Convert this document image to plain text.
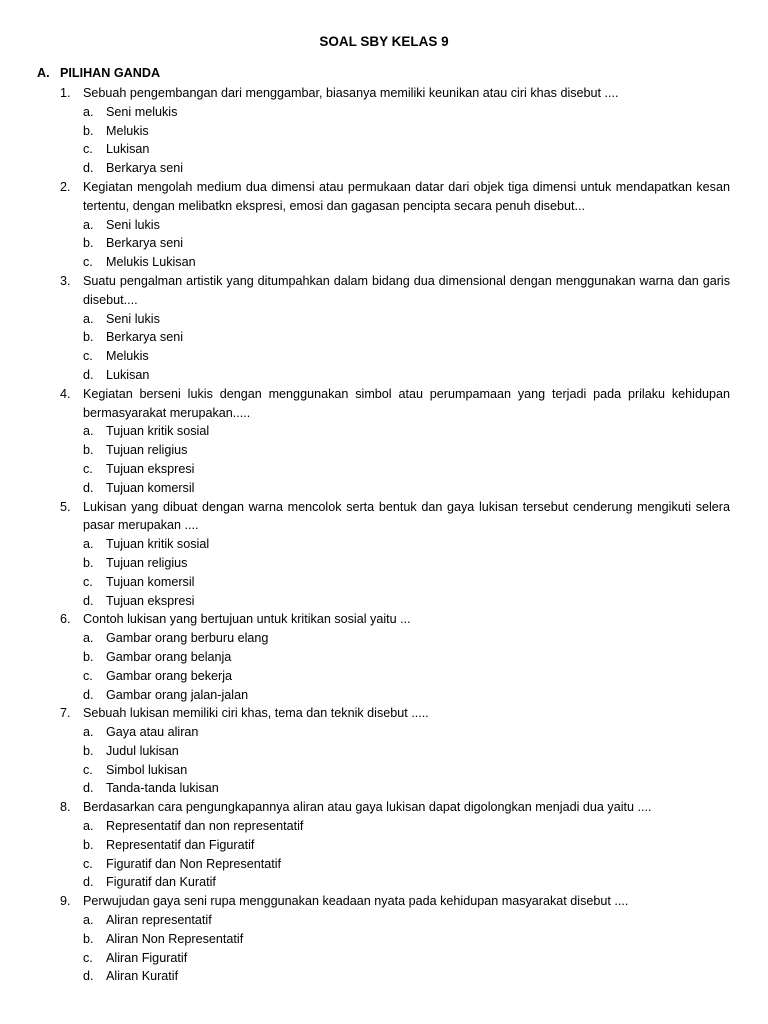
SOAL SBY KELAS 9
A. PILIHAN GANDA
1. Sebuah pengembangan dari menggambar, biasanya memiliki keunikan atau ciri khas disebut ....
a. Seni melukis
b. Melukis
c. Lukisan
d. Berkarya seni
2. Kegiatan mengolah medium dua dimensi atau permukaan datar dari objek tiga dimensi untuk mendapatkan kesan tertentu, dengan melibatkn ekspresi, emosi dan gagasan pencipta secara penuh disebut...
a. Seni lukis
b. Berkarya seni
c. Melukis Lukisan
3. Suatu pengalman artistik yang ditumpahkan dalam bidang dua dimensional dengan menggunakan warna dan garis disebut....
a. Seni lukis
b. Berkarya seni
c. Melukis
d. Lukisan
4. Kegiatan berseni lukis dengan menggunakan simbol atau perumpamaan yang terjadi pada prilaku kehidupan bermasyarakat merupakan.....
a. Tujuan kritik sosial
b. Tujuan religius
c. Tujuan ekspresi
d. Tujuan komersil
5. Lukisan yang dibuat dengan warna mencolok serta bentuk dan gaya lukisan tersebut cenderung mengikuti selera pasar merupakan ....
a. Tujuan kritik sosial
b. Tujuan religius
c. Tujuan komersil
d. Tujuan ekspresi
6. Contoh lukisan yang bertujuan untuk kritikan sosial yaitu ...
a. Gambar orang berburu elang
b. Gambar orang belanja
c. Gambar orang bekerja
d. Gambar orang jalan-jalan
7. Sebuah lukisan memiliki ciri khas, tema dan teknik disebut .....
a. Gaya atau aliran
b. Judul lukisan
c. Simbol lukisan
d. Tanda-tanda lukisan
8. Berdasarkan cara pengungkapannya aliran atau gaya lukisan dapat digolongkan menjadi dua yaitu ....
a. Representatif dan non representatif
b. Representatif dan Figuratif
c. Figuratif dan Non Representatif
d. Figuratif dan Kuratif
9. Perwujudan gaya seni rupa menggunakan keadaan nyata pada kehidupan masyarakat disebut ....
a. Aliran representatif
b. Aliran Non Representatif
c. Aliran Figuratif
d. Aliran Kuratif
